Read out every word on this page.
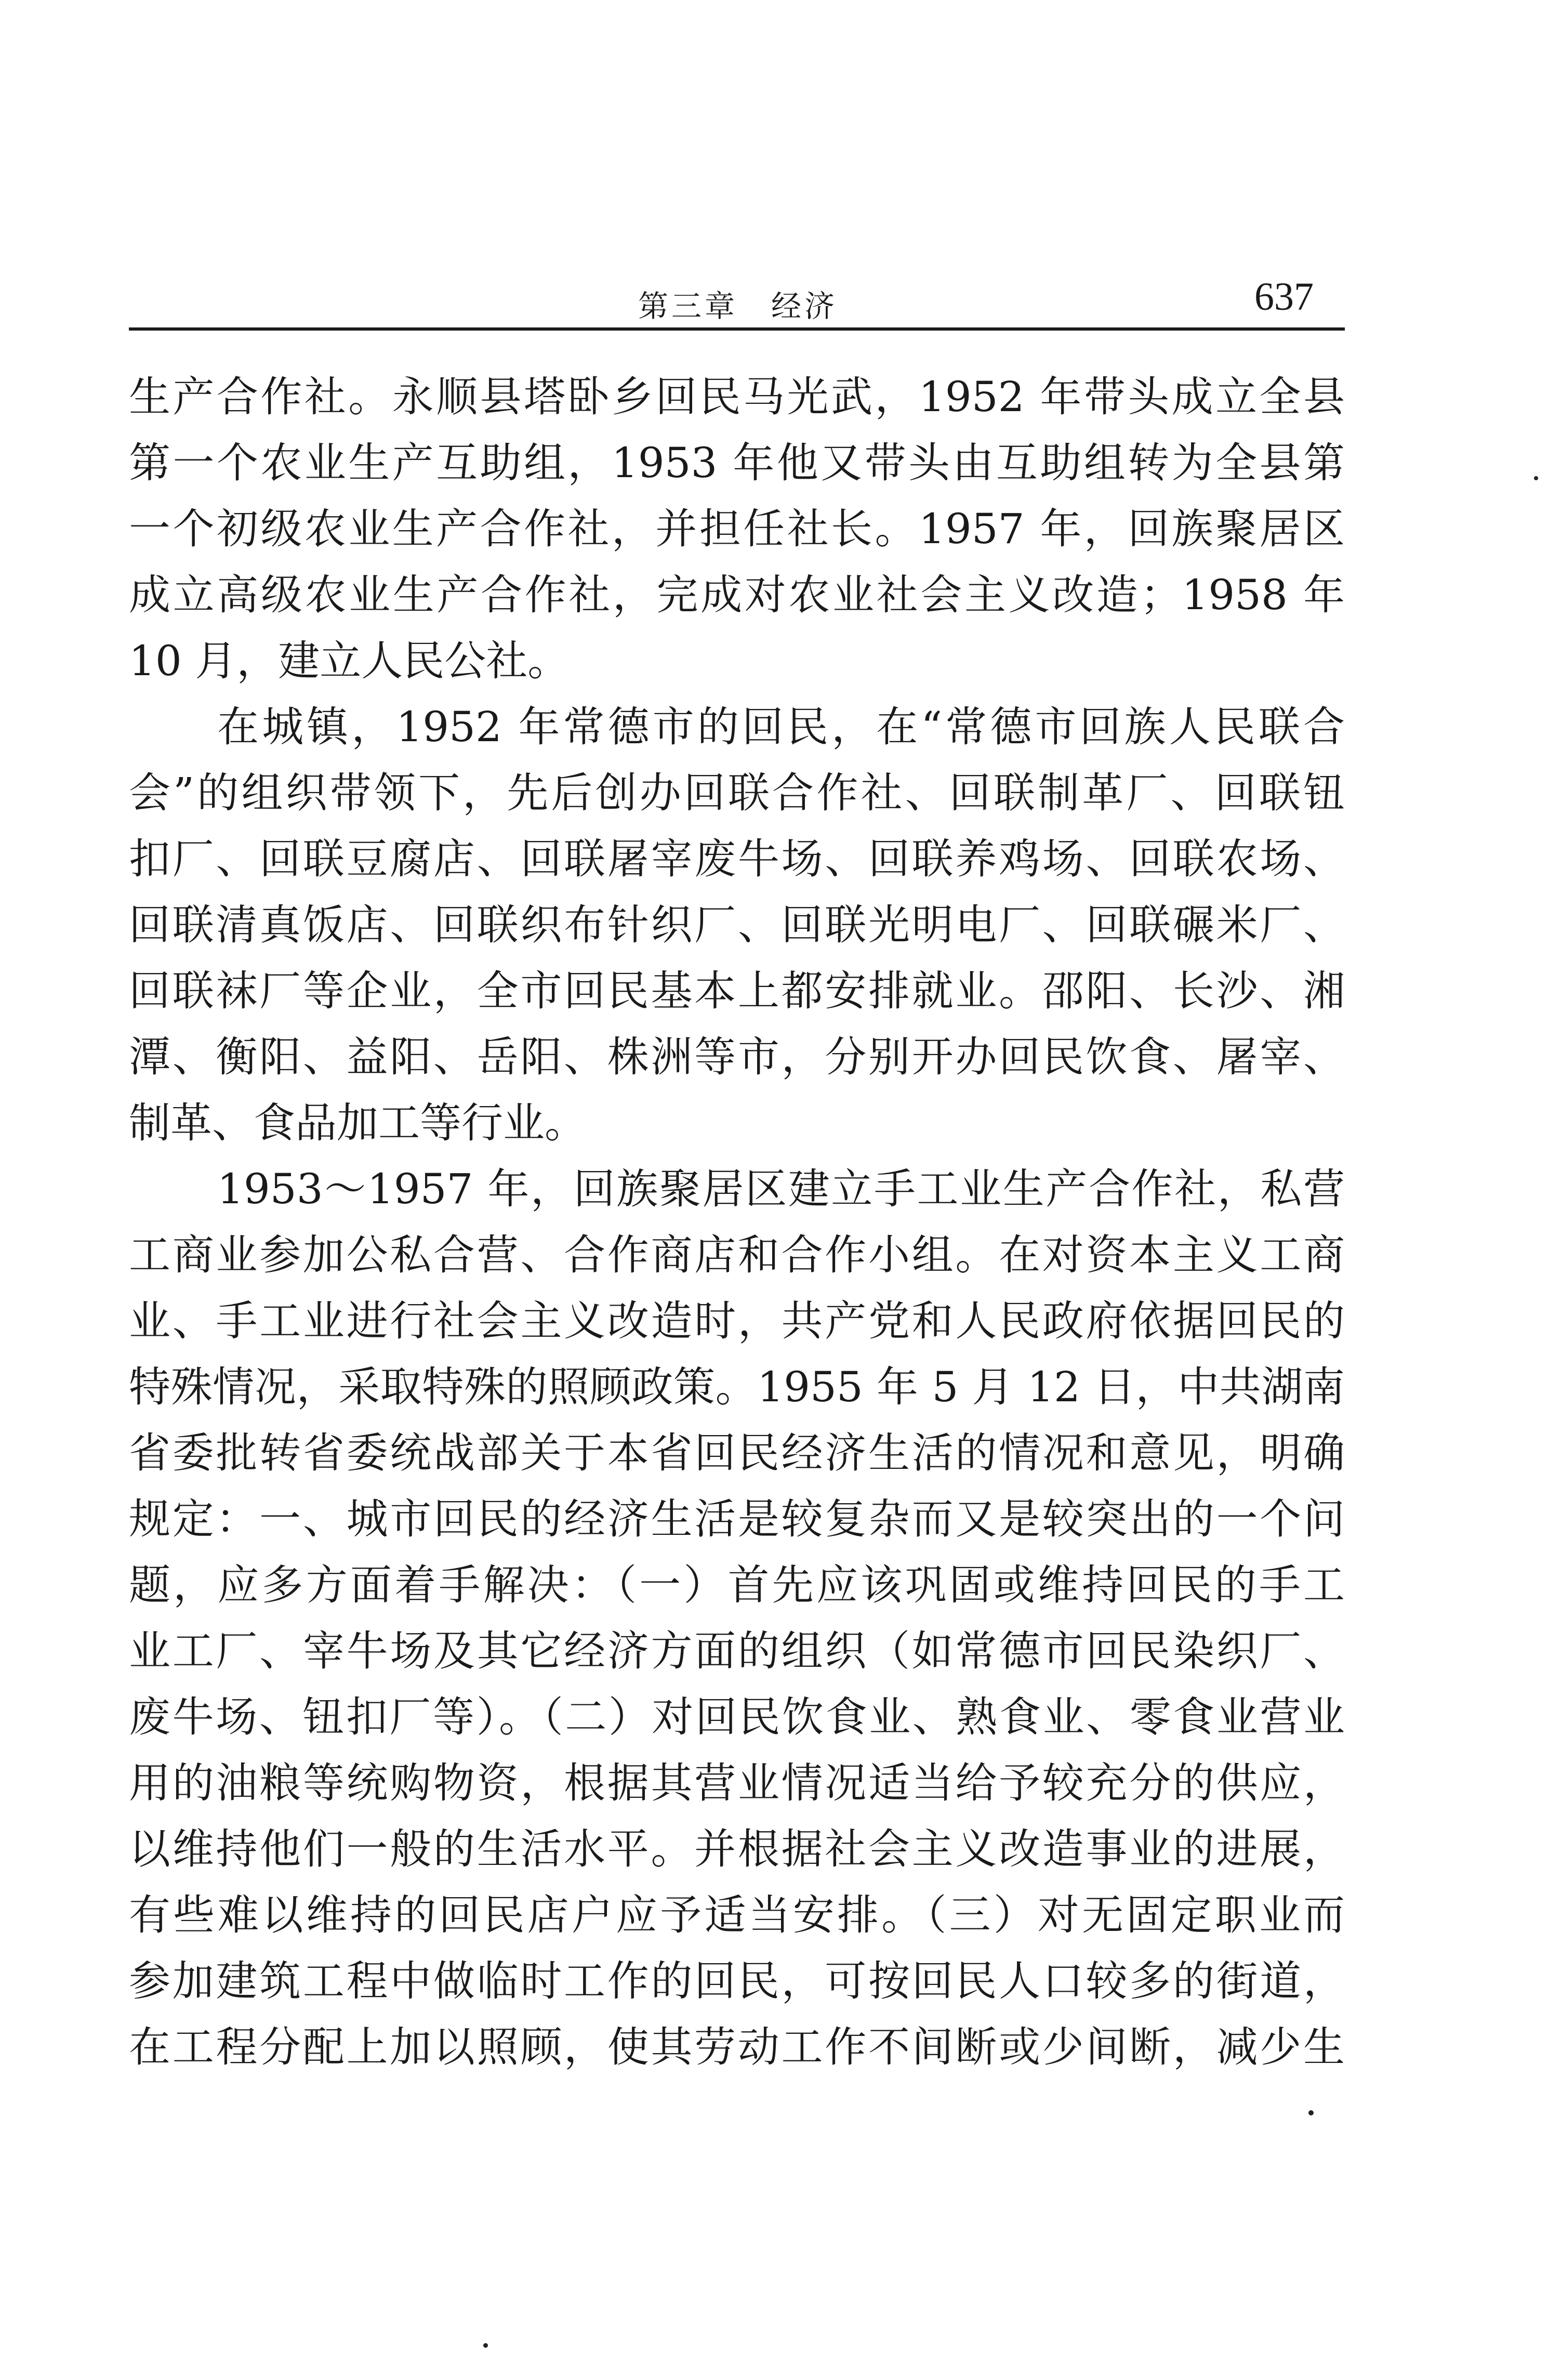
第三章　经济	637
生产合作社。永顺县塔卧乡回民马光武，1952 年带头成立全县
第一个农业生产互助组，1953 年他又带头由互助组转为全县第
一个初级农业生产合作社，并担任社长。1957 年，回族聚居区
成立高级农业生产合作社，完成对农业社会主义改造；1958 年
10 月，建立人民公社。
在城镇，1952 年常德市的回民，在“常德市回族人民联合
会”的组织带领下，先后创办回联合作社、回联制革厂、回联钮
扣厂、回联豆腐店、回联屠宰废牛场、回联养鸡场、回联农场、
回联清真饭店、回联织布针织厂、回联光明电厂、回联碾米厂、
回联袜厂等企业，全市回民基本上都安排就业。邵阳、长沙、湘
潭、衡阳、益阳、岳阳、株洲等市，分别开办回民饮食、屠宰、
制革、食品加工等行业。
1953～1957 年，回族聚居区建立手工业生产合作社，私营
工商业参加公私合营、合作商店和合作小组。在对资本主义工商
业、手工业进行社会主义改造时，共产党和人民政府依据回民的
特殊情况，采取特殊的照顾政策。1955 年 5 月 12 日，中共湖南
省委批转省委统战部关于本省回民经济生活的情况和意见，明确
规定：一、城市回民的经济生活是较复杂而又是较突出的一个问
题，应多方面着手解决：（一）首先应该巩固或维持回民的手工
业工厂、宰牛场及其它经济方面的组织（如常德市回民染织厂、
废牛场、钮扣厂等）。（二）对回民饮食业、熟食业、零食业营业
用的油粮等统购物资，根据其营业情况适当给予较充分的供应，
以维持他们一般的生活水平。并根据社会主义改造事业的进展，
有些难以维持的回民店户应予适当安排。（三）对无固定职业而
参加建筑工程中做临时工作的回民，可按回民人口较多的街道，
在工程分配上加以照顾，使其劳动工作不间断或少间断，减少生
